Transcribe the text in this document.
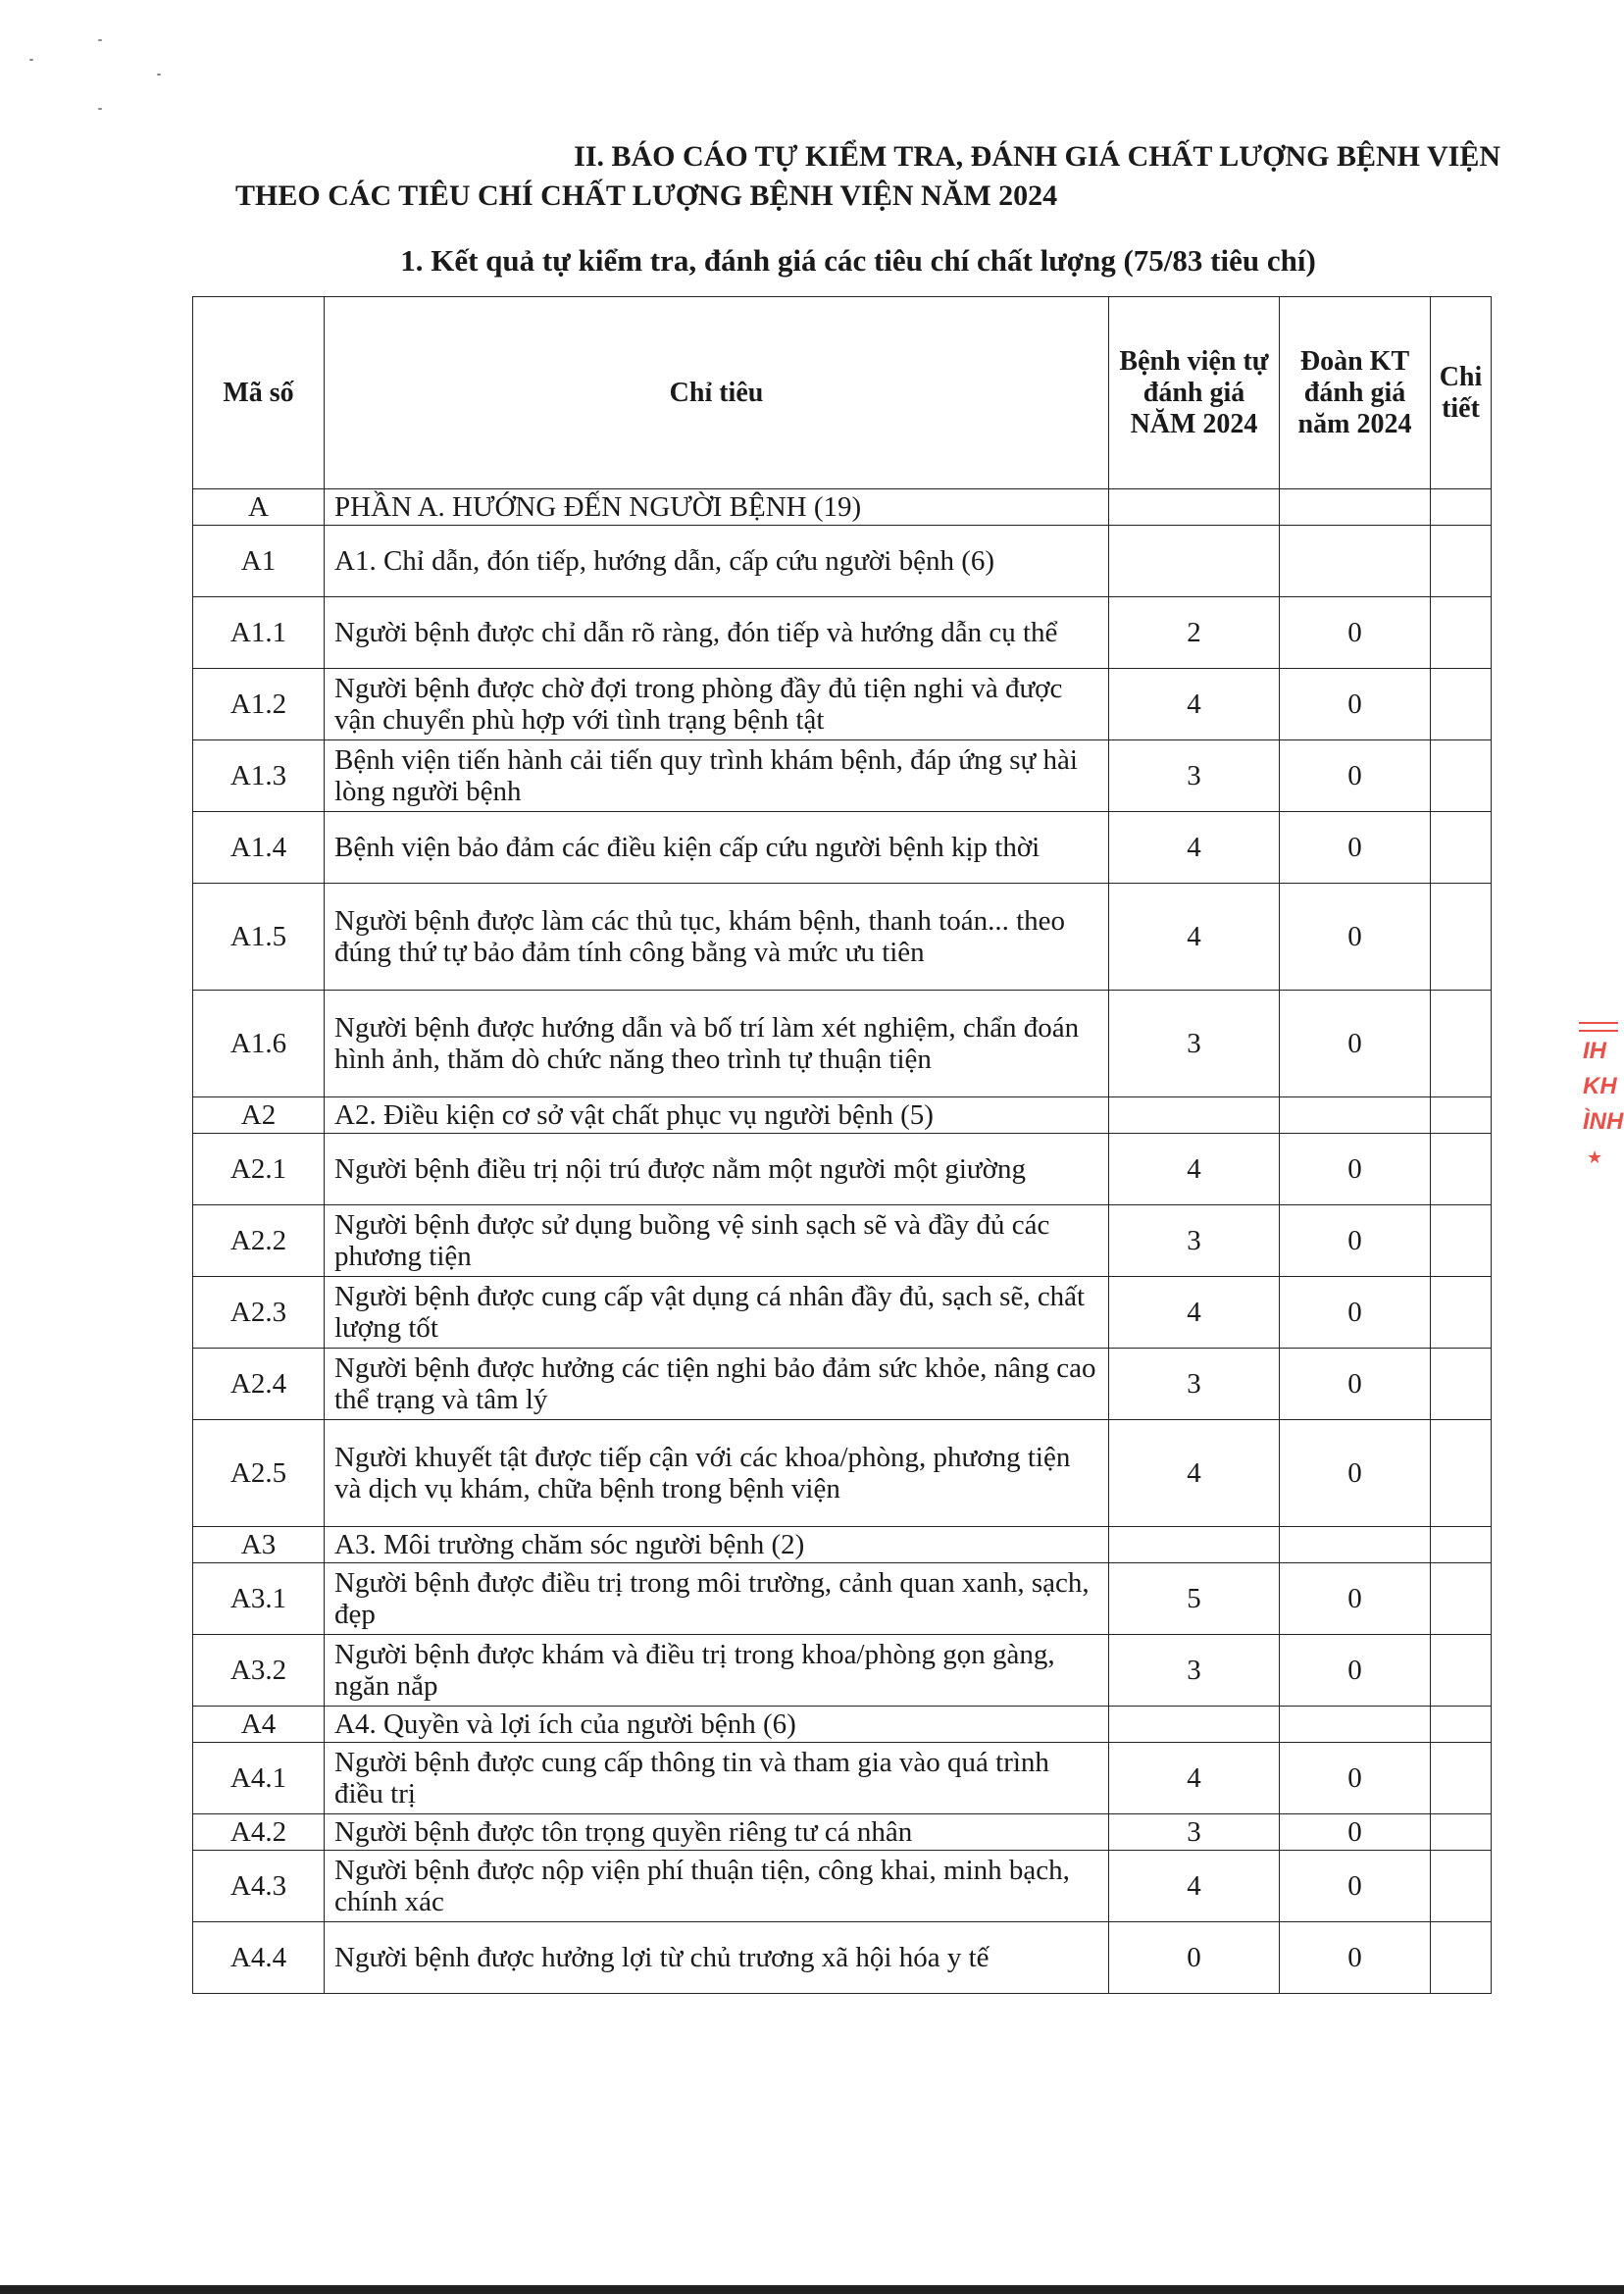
II. BÁO CÁO TỰ KIỂM TRA, ĐÁNH GIÁ CHẤT LƯỢNG BỆNH VIỆN
THEO CÁC TIÊU CHÍ CHẤT LƯỢNG BỆNH VIỆN NĂM 2024
1. Kết quả tự kiểm tra, đánh giá các tiêu chí chất lượng (75/83 tiêu chí)
Mã số	Chỉ tiêu	Bệnh viện tự đánh giá NĂM 2024	Đoàn KT đánh giá năm 2024	Chi tiết
A	PHẦN A. HƯỚNG ĐẾN NGƯỜI BỆNH (19)			
A1	A1. Chỉ dẫn, đón tiếp, hướng dẫn, cấp cứu người bệnh (6)			
A1.1	Người bệnh được chỉ dẫn rõ ràng, đón tiếp và hướng dẫn cụ thể	2	0	
A1.2	Người bệnh được chờ đợi trong phòng đầy đủ tiện nghi và được vận chuyển phù hợp với tình trạng bệnh tật	4	0	
A1.3	Bệnh viện tiến hành cải tiến quy trình khám bệnh, đáp ứng sự hài lòng người bệnh	3	0	
A1.4	Bệnh viện bảo đảm các điều kiện cấp cứu người bệnh kịp thời	4	0	
A1.5	Người bệnh được làm các thủ tục, khám bệnh, thanh toán... theo đúng thứ tự bảo đảm tính công bằng và mức ưu tiên	4	0	
A1.6	Người bệnh được hướng dẫn và bố trí làm xét nghiệm, chẩn đoán hình ảnh, thăm dò chức năng theo trình tự thuận tiện	3	0	
A2	A2. Điều kiện cơ sở vật chất phục vụ người bệnh (5)			
A2.1	Người bệnh điều trị nội trú được nằm một người một giường	4	0	
A2.2	Người bệnh được sử dụng buồng vệ sinh sạch sẽ và đầy đủ các phương tiện	3	0	
A2.3	Người bệnh được cung cấp vật dụng cá nhân đầy đủ, sạch sẽ, chất lượng tốt	4	0	
A2.4	Người bệnh được hưởng các tiện nghi bảo đảm sức khỏe, nâng cao thể trạng và tâm lý	3	0	
A2.5	Người khuyết tật được tiếp cận với các khoa/phòng, phương tiện và dịch vụ khám, chữa bệnh trong bệnh viện	4	0	
A3	A3. Môi trường chăm sóc người bệnh (2)			
A3.1	Người bệnh được điều trị trong môi trường, cảnh quan xanh, sạch, đẹp	5	0	
A3.2	Người bệnh được khám và điều trị trong khoa/phòng gọn gàng, ngăn nắp	3	0	
A4	A4. Quyền và lợi ích của người bệnh (6)			
A4.1	Người bệnh được cung cấp thông tin và tham gia vào quá trình điều trị	4	0	
A4.2	Người bệnh được tôn trọng quyền riêng tư cá nhân	3	0	
A4.3	Người bệnh được nộp viện phí thuận tiện, công khai, minh bạch, chính xác	4	0	
A4.4	Người bệnh được hưởng lợi từ chủ trương xã hội hóa y tế	0	0	
IH
KH
ÌNH
★
